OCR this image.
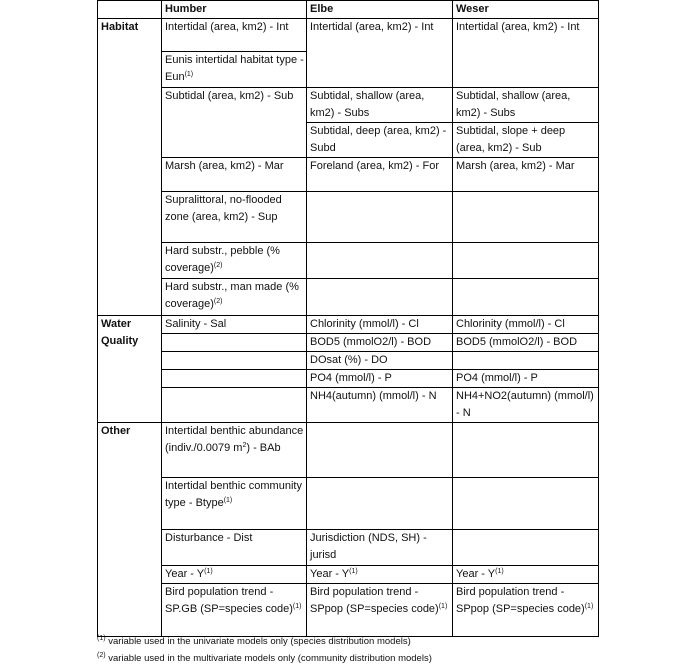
	Humber	Elbe	Weser
Habitat	Intertidal (area, km2) - Int	Intertidal (area, km2) - Int	Intertidal (area, km2) - Int
	Eunis intertidal habitat type - Eun$^{(1)}$
	Subtidal (area, km2) - Sub	Subtidal, shallow (area, km2) - Subs	Subtidal, shallow (area, km2) - Subs
		Subtidal, deep (area, km2) - Subd	Subtidal, slope + deep (area, km2) - Sub
	Marsh (area, km2) - Mar	Foreland (area, km2) - For	Marsh (area, km2) - Mar
	Supralittoral, no-flooded zone (area, km2) - Sup		
	Hard substr., pebble (% coverage)$^{(2)}$		
	Hard substr., man made (% coverage)$^{(2)}$		
Water Quality	Salinity - Sal	Chlorinity (mmol/l) - Cl	Chlorinity (mmol/l) - Cl
		BOD5 (mmolO2/l) - BOD	BOD5 (mmolO2/l) - BOD
		DOsat (%) - DO	
		PO4 (mmol/l) - P	PO4 (mmol/l) - P
		NH4(autumn) (mmol/l) - N	NH4+NO2(autumn) (mmol/l) - N
Other	Intertidal benthic abundance
(indiv./0.0079 $m^2$) - BAb		
	Intertidal benthic community type - Btype$^{(1)}$		
	Disturbance - Dist	Jurisdiction (NDS, SH) - jurisd	
	Year - $Y^{(1)}$	Year - $Y^{(1)}$	Year - $Y^{(1)}$
	Bird population trend - SP.GB (SP=species code)$^{(1)}$	Bird population trend - SPpop (SP=species code)$^{(1)}$	Bird population trend - SPpop (SP=species code)$^{(1)}$
$^{(1)}$ variable used in the univariate models only (species distribution models)
$^{(2)}$ variable used in the multivariate models only (community distribution models)
